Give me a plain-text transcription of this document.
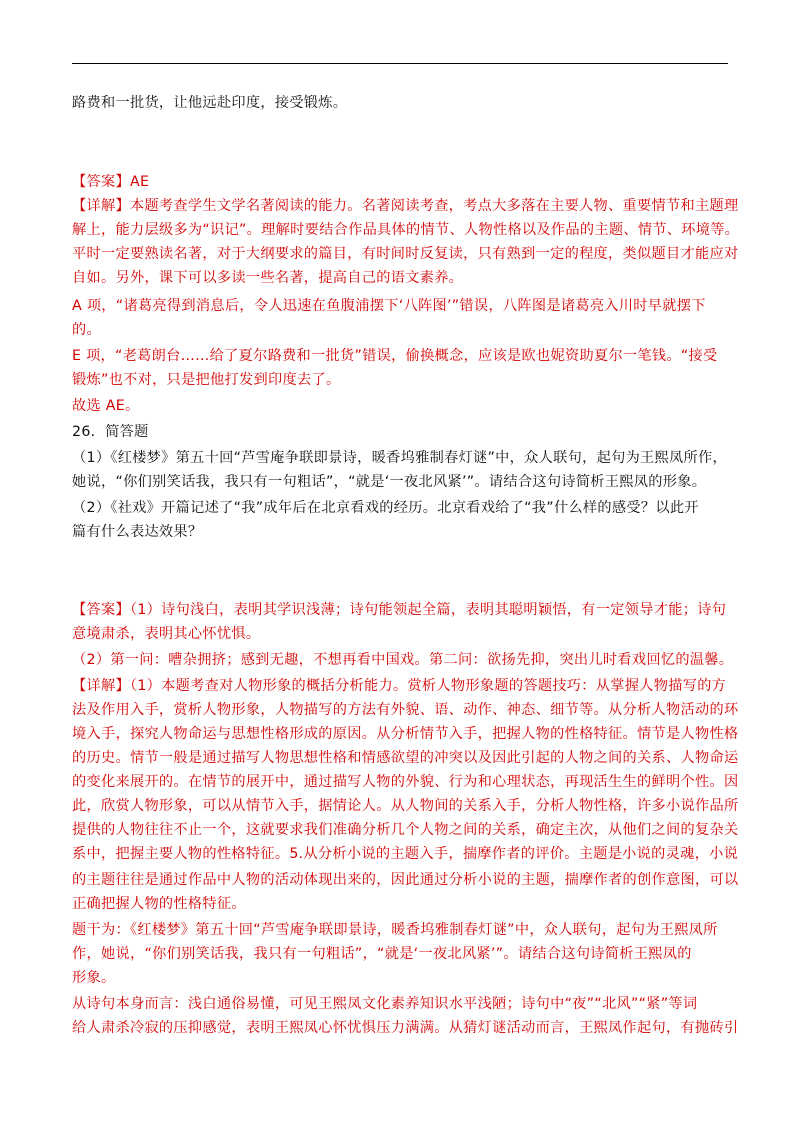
路费和一批货，让他远赴印度，接受锻炼。
【答案】AE
【详解】本题考查学生文学名著阅读的能力。名著阅读考查，考点大多落在主要人物、重要情节和主题理
解上，能力层级多为“识记”。理解时要结合作品具体的情节、人物性格以及作品的主题、情节、环境等。
平时一定要熟读名著，对于大纲要求的篇目，有时间时反复读，只有熟到一定的程度，类似题目才能应对
自如。另外，课下可以多读一些名著，提高自己的语文素养。
A 项，“诸葛亮得到消息后，令人迅速在鱼腹浦摆下‘八阵图’”错误，八阵图是诸葛亮入川时早就摆下
的。
E 项，“老葛朗台……给了夏尔路费和一批货”错误，偷换概念，应该是欧也妮资助夏尔一笔钱。“接受
锻炼”也不对，只是把他打发到印度去了。
故选 AE。
26．简答题
（1）《红楼梦》第五十回“芦雪庵争联即景诗，暖香坞雅制春灯谜”中，众人联句，起句为王熙凤所作，
她说，“你们别笑话我，我只有一句粗话”，“就是‘一夜北风紧’”。请结合这句诗简析王熙凤的形象。
（2）《社戏》开篇记述了“我”成年后在北京看戏的经历。北京看戏给了“我”什么样的感受？以此开
篇有什么表达效果？
【答案】（1）诗句浅白，表明其学识浅薄；诗句能领起全篇，表明其聪明颖悟，有一定领导才能；诗句
意境肃杀，表明其心怀忧惧。
（2）第一问：嘈杂拥挤；感到无趣，不想再看中国戏。第二问：欲扬先抑，突出儿时看戏回忆的温馨。
【详解】（1）本题考查对人物形象的概括分析能力。赏析人物形象题的答题技巧：从掌握人物描写的方
法及作用入手，赏析人物形象，人物描写的方法有外貌、语、动作、神态、细节等。从分析人物活动的环
境入手，探究人物命运与思想性格形成的原因。从分析情节入手，把握人物的性格特征。情节是人物性格
的历史。情节一般是通过描写人物思想性格和情感欲望的冲突以及因此引起的人物之间的关系、人物命运
的变化来展开的。在情节的展开中，通过描写人物的外貌、行为和心理状态，再现活生生的鲜明个性。因
此，欣赏人物形象，可以从情节入手，据情论人。从人物间的关系入手，分析人物性格，许多小说作品所
提供的人物往往不止一个，这就要求我们准确分析几个人物之间的关系，确定主次，从他们之间的复杂关
系中，把握主要人物的性格特征。5.从分析小说的主题入手，揣摩作者的评价。主题是小说的灵魂，小说
的主题往往是通过作品中人物的活动体现出来的，因此通过分析小说的主题，揣摩作者的创作意图，可以
正确把握人物的性格特征。
题干为：《红楼梦》第五十回“芦雪庵争联即景诗，暖香坞雅制春灯谜”中，众人联句，起句为王熙凤所
作，她说，“你们别笑话我，我只有一句粗话”，“就是‘一夜北风紧’”。请结合这句诗简析王熙凤的
形象。
从诗句本身而言：浅白通俗易懂，可见王熙凤文化素养知识水平浅陋；诗句中“夜”“北风”“紧”等词
给人肃杀冷寂的压抑感觉，表明王熙凤心怀忧惧压力满满。从猜灯谜活动而言，王熙凤作起句，有抛砖引
